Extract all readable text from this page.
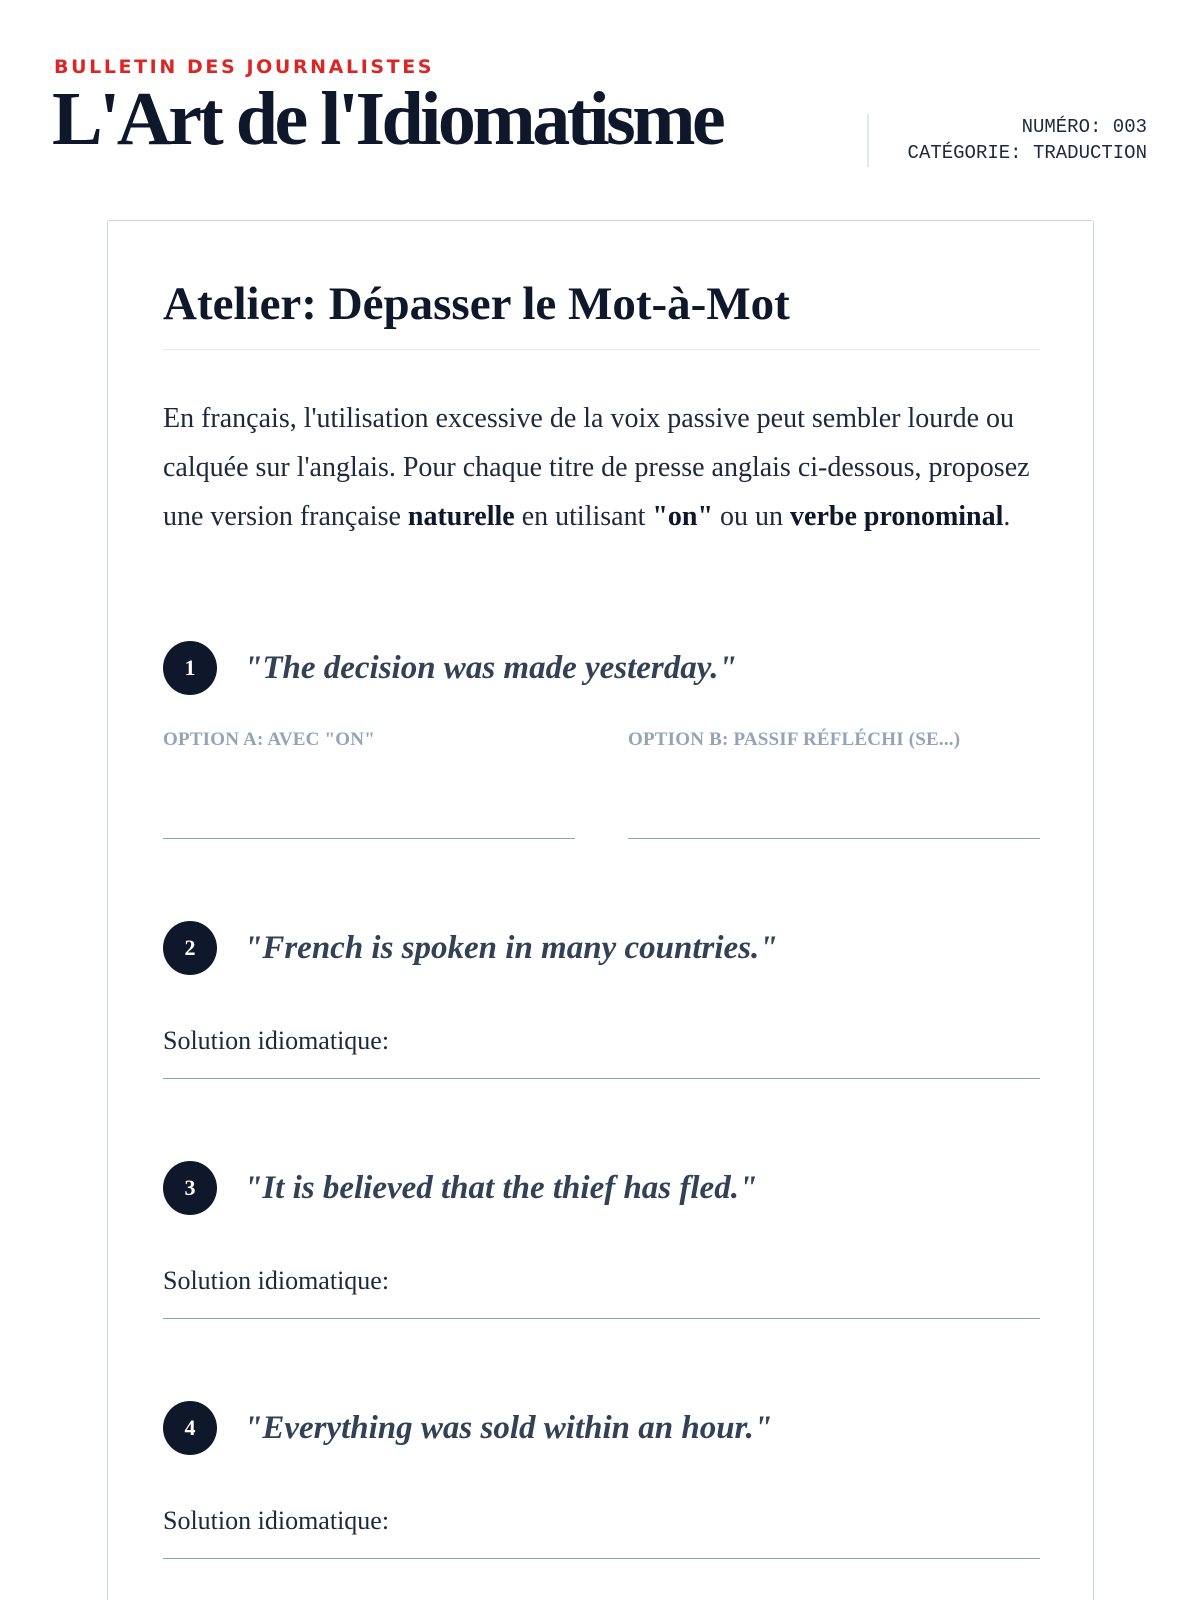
BULLETIN DES JOURNALISTES
L'Art de l'Idiomatisme	NUMÉRO: 003
CATÉGORIE: TRADUCTION
Atelier: Dépasser le Mot-à-Mot
En français, l'utilisation excessive de la voix passive peut sembler lourde ou calquée sur l'anglais. Pour chaque titre de presse anglais ci-dessous, proposez une version française naturelle en utilisant "on" ou un verbe pronominal.
1	"The decision was made yesterday."
OPTION A: AVEC "ON"	OPTION B: PASSIF RÉFLÉCHI (SE...)
2	"French is spoken in many countries."
Solution idiomatique:
3	"It is believed that the thief has fled."
Solution idiomatique:
4	"Everything was sold within an hour."
Solution idiomatique:
